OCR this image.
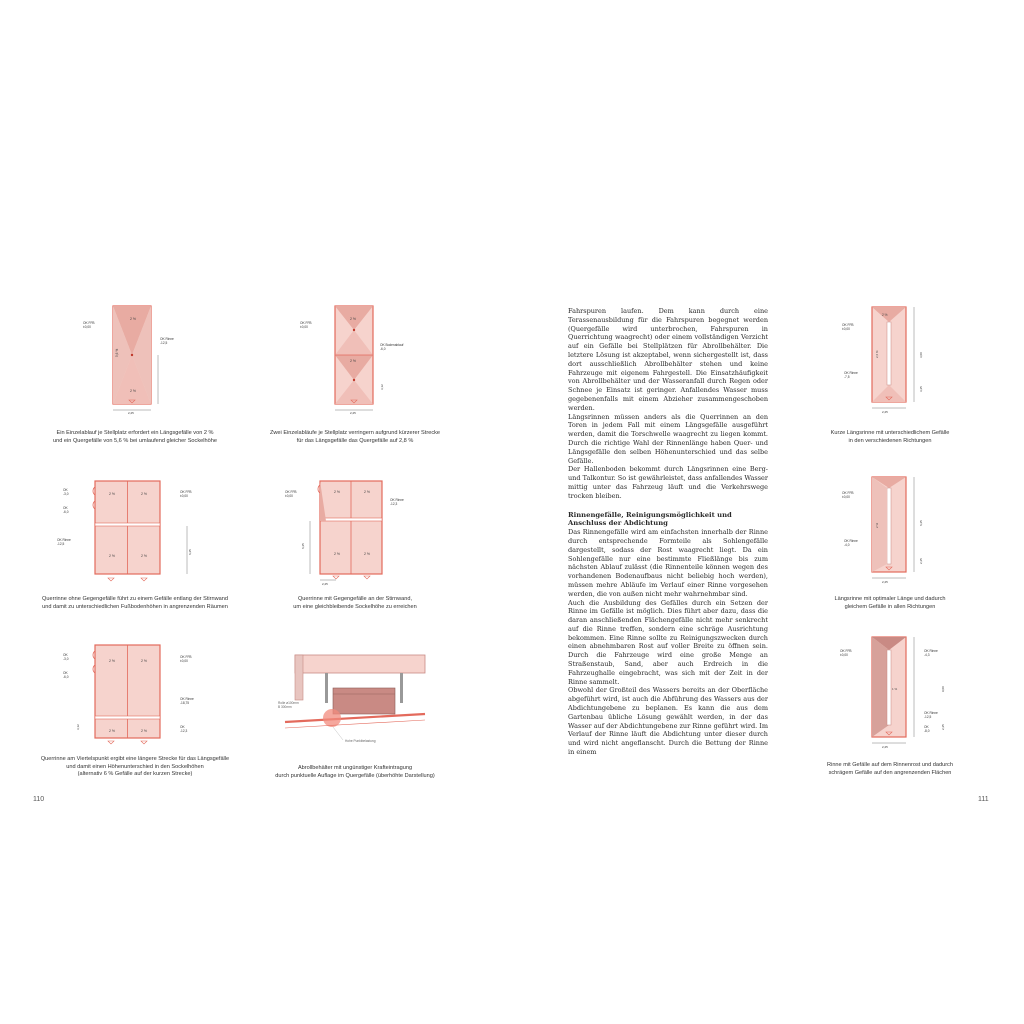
2 %
2 %
5,6 %
OK FFB
±0,00
OK Rinne
-12,5
2,25
Ein Einzelablauf je Stellplatz erfordert ein Längsgefälle von 2 %
und ein Quergefälle von 5,6 % bei umlaufend gleicher Sockelhöhe
2 %
2 %
OK FFB
±0,00
OK Bodenablauf
-6,0
2,25
3,12
Zwei Einzelabläufe je Stellplatz verringern aufgrund kürzerer Strecke
für das Längsgefälle das Quergefälle auf 2,8 %
2 %	2 %
2 %	2 %
OK
-3,0
OK
-6,0
OK Rinne
-12,5
OK FFB
±0,00
6,25
Querrinne ohne Gegengefälle führt zu einem Gefälle entlang der Stirnwand
und damit zu unterschiedlichen Fußbodenhöhen in angrenzenden Räumen
2 %	2 %
2 %	2 %
OK FFB
±0,00
OK Rinne
-12,3
6,25
2,25
Querrinne mit Gegengefälle an der Stirnwand,
um eine gleichbleibende Sockelhöhe zu erreichen
2 %	2 %
2 %	2 %
OK
-3,0
OK
-6,0
OK FFB
±0,00
OK Rinne
-18,75
OK
-12,3
3,12
Querrinne am Viertelspunkt ergibt eine längere Strecke für das Längsgefälle
und damit einen Höhenunterschied in den Sockelhöhen
(alternativ 6 % Gefälle auf der kurzen Strecke)
Rolle ø100mm
B 300mm
Hohe Punktbelastung
Abrollbehälter mit ungünstiger Krafteintragung
durch punktuelle Auflage im Quergefälle (überhöhte Darstellung)

Fahrspuren laufen. Dem kann durch eine Terassenausbildung für die Fahrspuren begegnet werden (Quergefälle wird unterbrochen, Fahrspuren in Querrichtung waagrecht) oder einem vollständigen Verzicht auf ein Gefälle bei Stellplätzen für Abrollbehälter. Die letztere Lösung ist akzeptabel, wenn sichergestellt ist, dass dort ausschließlich Abrollbehälter stehen und keine Fahrzeuge mit eigenem Fahrgestell. Die Einsatzhäufigkeit von Abrollbehälter und der Wasseranfall durch Regen oder Schnee je Einsatz ist geringer. Anfallendes Wasser muss gegebenenfalls mit einem Abzieher zusammengeschoben werden.

Längsrinnen müssen anders als die Querrinnen an den Toren in jedem Fall mit einem Längsgefälle ausgeführt werden, damit die Torschwelle waagrecht zu liegen kommt. Durch die richtige Wahl der Rinnenlänge haben Quer- und Längsgefälle den selben Höhenunterschied und das selbe Gefälle.

Der Hallenboden bekommt durch Längsrinnen eine Berg- und Talkontur. So ist gewährleistet, dass anfallendes Wasser mittig unter das Fahrzeug läuft und die Verkehrswege trocken bleiben.

Rinnengefälle, Reinigungsmöglichkeit und Anschluss der Abdichtung

Das Rinnengefälle wird am einfachsten innerhalb der Rinne durch entsprechende Formteile als Sohlengefälle dargestellt, sodass der Rost waagrecht liegt. Da ein Sohlengefälle nur eine bestimmte Fließlänge bis zum nächsten Ablauf zulässt (die Rinnenteile können wegen des vorhandenen Bodenaufbaus nicht beliebig hoch werden), müssen mehre Abläufe im Verlauf einer Rinne vorgesehen werden, die von außen nicht mehr wahrnehmbar sind.

Auch die Ausbildung des Gefälles durch ein Setzen der Rinne im Gefälle ist möglich. Dies führt aber dazu, dass die daran anschließenden Flächengefälle nicht mehr senkrecht auf die Rinne treffen, sondern eine schräge Ausrichtung bekommen. Eine Rinne sollte zu Reinigungszwecken durch einen abnehmbaren Rost auf voller Breite zu öffnen sein. Durch die Fahrzeuge wird eine große Menge an Straßenstaub, Sand, aber auch Erdreich in die Fahrzeughalle eingebracht, was sich mit der Zeit in der Rinne sammelt.

Obwohl der Großteil des Wassers bereits an der Oberfläche abgeführt wird, ist auch die Abführung des Wassers aus der Abdichtungebene zu beplanen. Es kann die aus dem Gartenbau übliche Lösung gewählt werden, in der das Wasser auf der Abdichtungebene zur Rinne geführt wird. Im Verlauf der Rinne läuft die Abdichtung unter dieser durch und wird nicht angeflanscht. Durch die Bettung der Rinne in einem

2 %
2,6 %
OK FFB
±0,00
OK Rinne
-7,5
3,00
3,25
2,25
Kurze Längsrinne mit unterschiedlichem Gefälle
in den verschiedenen Richtungen
2 %
OK FFB
±0,00
OK Rinne
-4,0
6,25
2,25
2,25
Längsrinne mit optimaler Länge und dadurch
gleichem Gefälle in allen Richtungen
1 %
OK FFB
±0,00
OK Rinne
-4,3
OK Rinne
-12,5
OK
-8,0
9,00
2,25
2,25
Rinne mit Gefälle auf dem Rinnenrost und dadurch
schrägem Gefälle auf den angrenzenden Flächen
110	111
